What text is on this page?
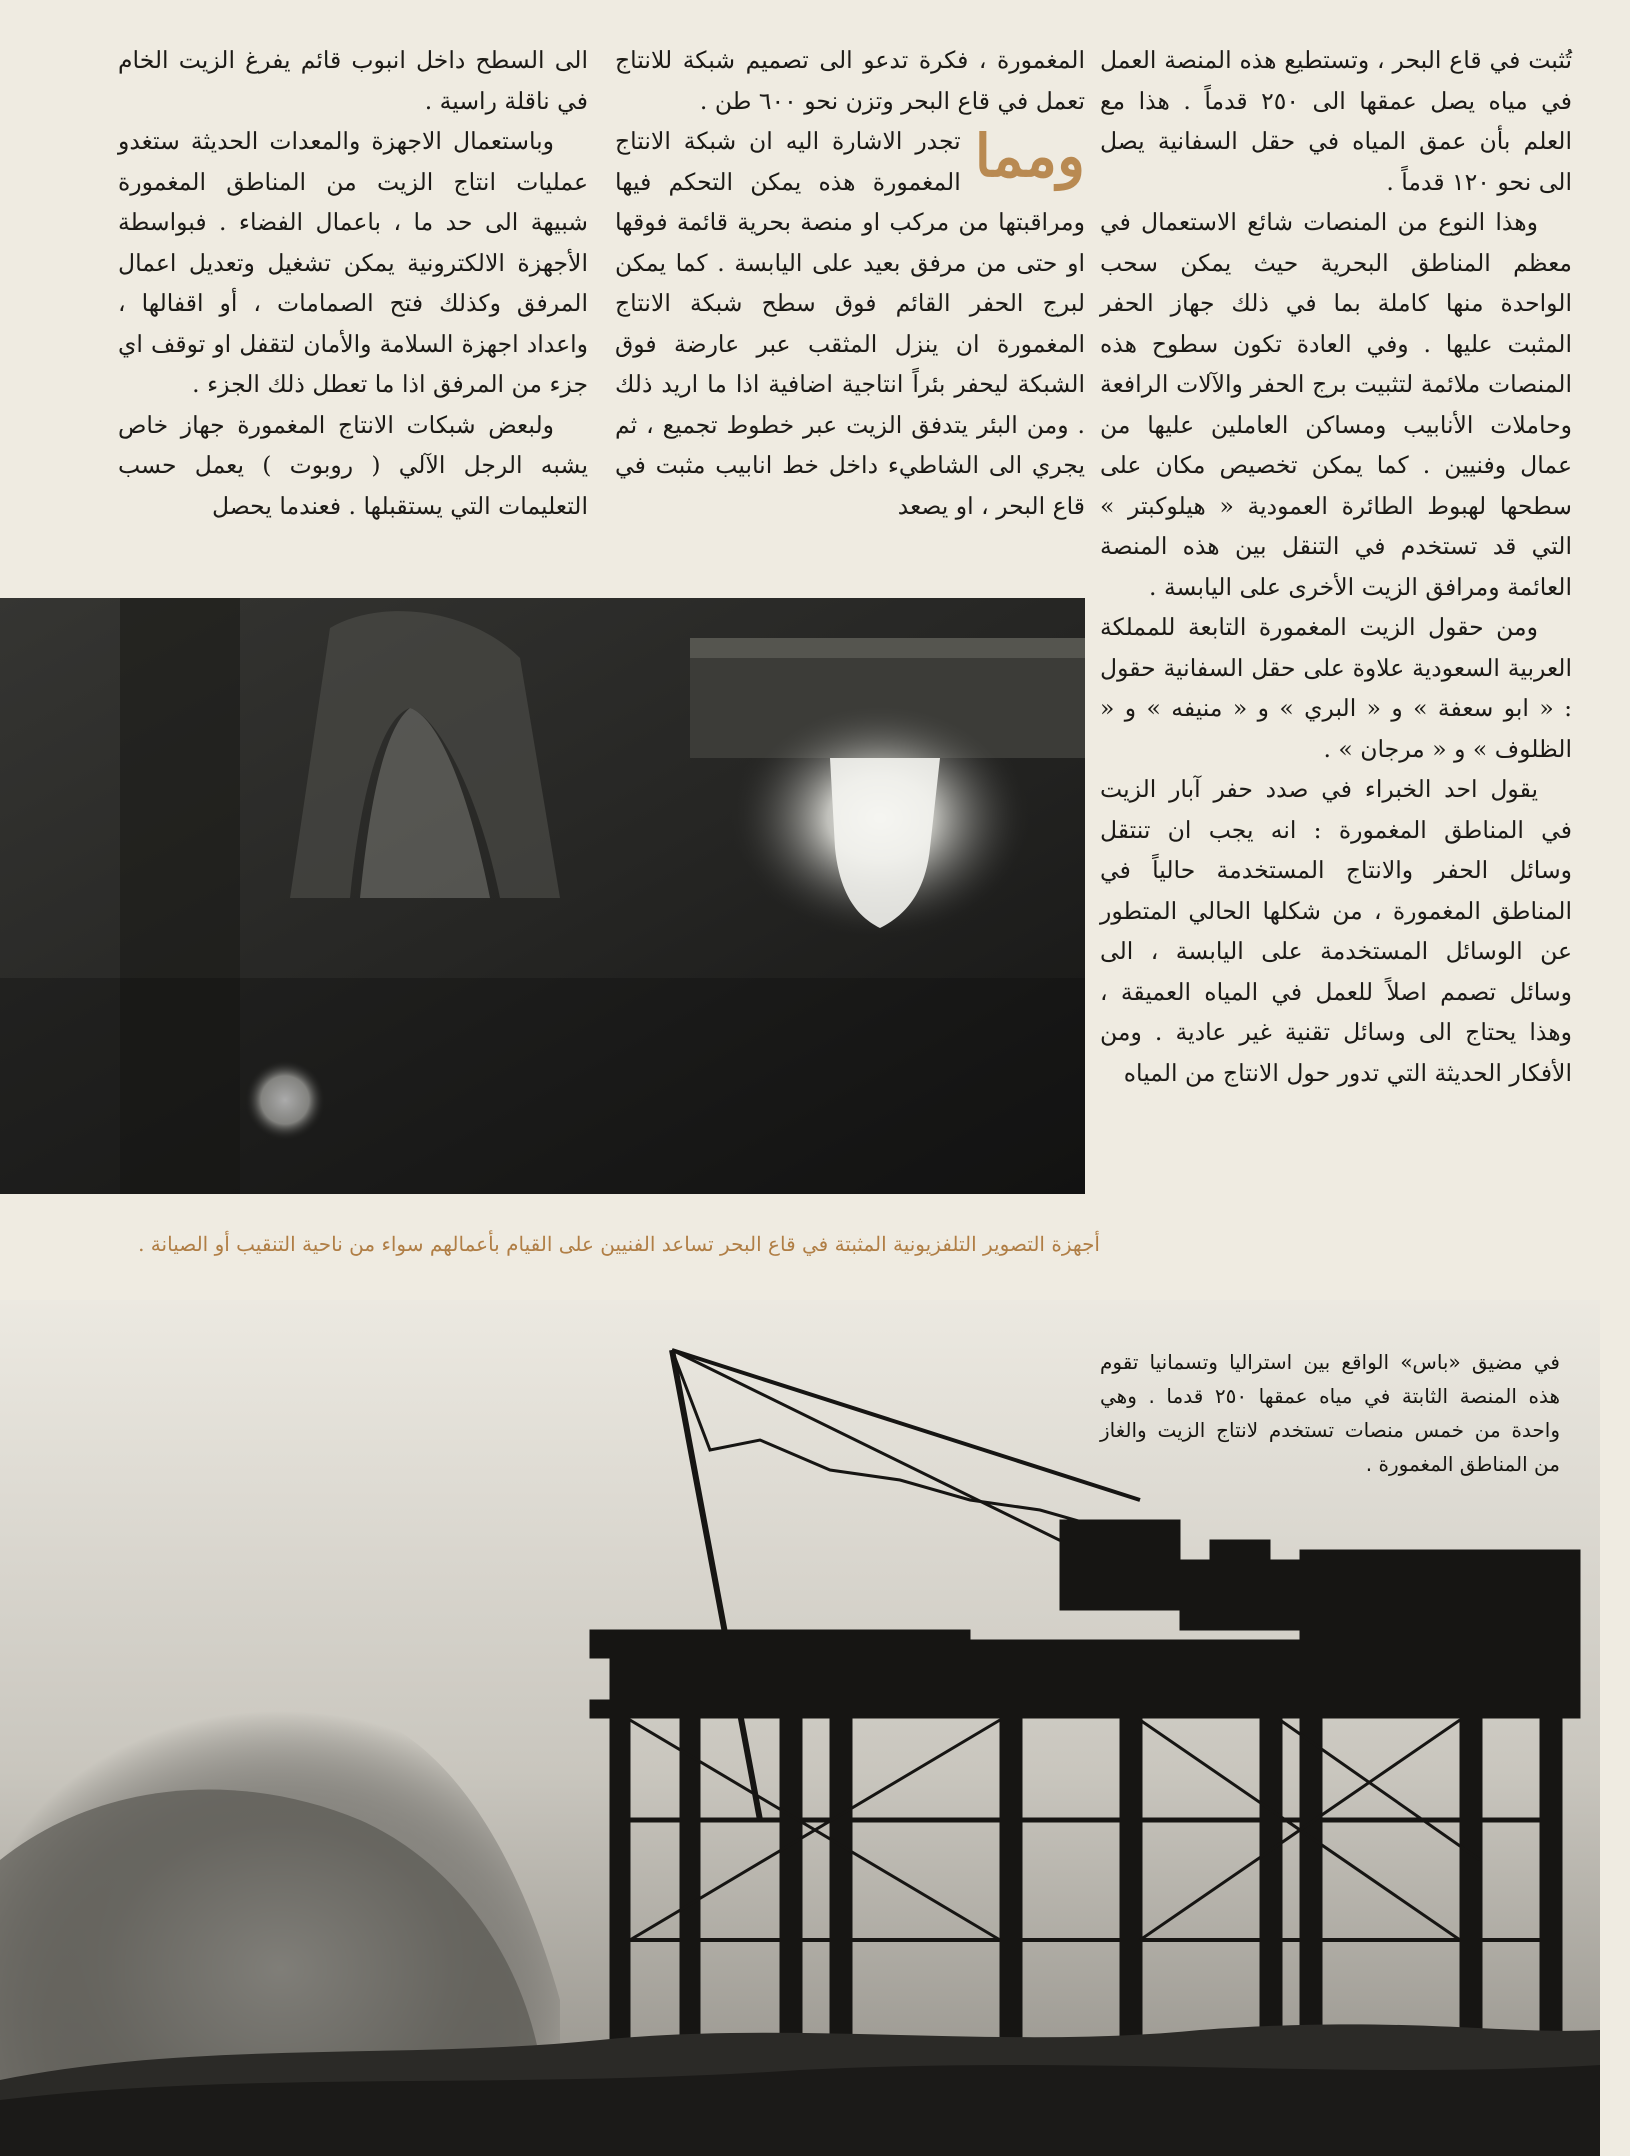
تُثبت في قاع البحر ، وتستطيع هذه المنصة العمل في مياه يصل عمقها الى ٢٥٠ قدماً . هذا مع العلم بأن عمق المياه في حقل السفانية يصل الى نحو ١٢٠ قدماً .

وهذا النوع من المنصات شائع الاستعمال في معظم المناطق البحرية حيث يمكن سحب الواحدة منها كاملة بما في ذلك جهاز الحفر المثبت عليها . وفي العادة تكون سطوح هذه المنصات ملائمة لتثبيت برج الحفر والآلات الرافعة وحاملات الأنابيب ومساكن العاملين عليها من عمال وفنيين . كما يمكن تخصيص مكان على سطحها لهبوط الطائرة العمودية « هيلوكبتر » التي قد تستخدم في التنقل بين هذه المنصة العائمة ومرافق الزيت الأخرى على اليابسة .

ومن حقول الزيت المغمورة التابعة للمملكة العربية السعودية علاوة على حقل السفانية حقول : « ابو سعفة » و « البري » و « منيفه » و « الظلوف » و « مرجان » .

يقول احد الخبراء في صدد حفر آبار الزيت في المناطق المغمورة : انه يجب ان تنتقل وسائل الحفر والانتاج المستخدمة حالياً في المناطق المغمورة ، من شكلها الحالي المتطور عن الوسائل المستخدمة على اليابسة ، الى وسائل تصمم اصلاً للعمل في المياه العميقة ، وهذا يحتاج الى وسائل تقنية غير عادية . ومن الأفكار الحديثة التي تدور حول الانتاج من المياه

المغمورة ، فكرة تدعو الى تصميم شبكة للانتاج تعمل في قاع البحر وتزن نحو ٦٠٠ طن .

ومما
تجدر الاشارة اليه ان شبكة الانتاج المغمورة هذه يمكن التحكم فيها ومراقبتها من مركب او منصة بحرية قائمة فوقها او حتى من مرفق بعيد على اليابسة . كما يمكن لبرج الحفر القائم فوق سطح شبكة الانتاج المغمورة ان ينزل المثقب عبر عارضة فوق الشبكة ليحفر بئراً انتاجية اضافية اذا ما اريد ذلك . ومن البئر يتدفق الزيت عبر خطوط تجميع ، ثم يجري الى الشاطيء داخل خط انابيب مثبت في قاع البحر ، او يصعد

الى السطح داخل انبوب قائم يفرغ الزيت الخام في ناقلة راسية .

وباستعمال الاجهزة والمعدات الحديثة ستغدو عمليات انتاج الزيت من المناطق المغمورة شبيهة الى حد ما ، باعمال الفضاء . فبواسطة الأجهزة الالكترونية يمكن تشغيل وتعديل اعمال المرفق وكذلك فتح الصمامات ، أو اقفالها ، واعداد اجهزة السلامة والأمان لتقفل او توقف اي جزء من المرفق اذا ما تعطل ذلك الجزء .

ولبعض شبكات الانتاج المغمورة جهاز خاص يشبه الرجل الآلي ( روبوت ) يعمل حسب التعليمات التي يستقبلها . فعندما يحصل

أجهزة التصوير التلفزيونية المثبتة في قاع البحر تساعد الفنيين على القيام بأعمالهم سواء من ناحية التنقيب أو الصيانة .
في مضيق «باس» الواقع بين استراليا وتسمانيا تقوم هذه المنصة الثابتة في مياه عمقها ٢٥٠ قدما . وهي واحدة من خمس منصات تستخدم لانتاج الزيت والغاز من المناطق المغمورة .
